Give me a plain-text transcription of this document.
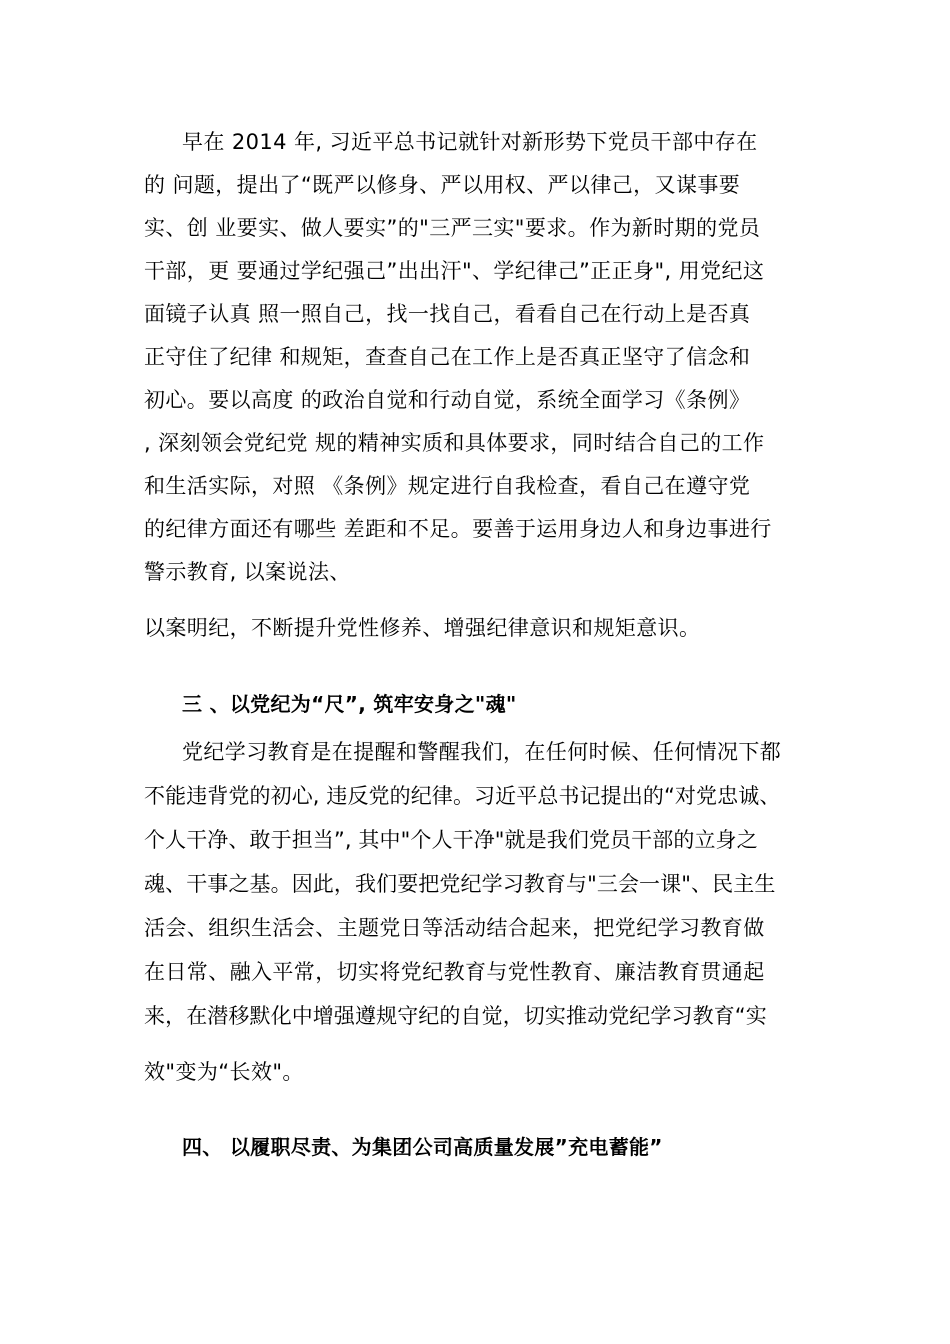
早在 2014 年, 习近平总书记就针对新形势下党员干部中存在
的 问题，提出了“既严以修身、严以用权、严以律己，又谋事要
实、创 业要实、做人要实”的"三严三实"要求。作为新时期的党员
干部，更 要通过学纪强己”出出汗"、学纪律己”正正身", 用党纪这
面镜子认真 照一照自己，找一找自己，看看自己在行动上是否真
正守住了纪律 和规矩，查查自己在工作上是否真正坚守了信念和
初心。要以高度 的政治自觉和行动自觉，系统全面学习《条例》
, 深刻领会党纪党 规的精神实质和具体要求，同时结合自己的工作
和生活实际，对照 《条例》规定进行自我检查，看自己在遵守党
的纪律方面还有哪些 差距和不足。要善于运用身边人和身边事进行
警示教育, 以案说法、
以案明纪，不断提升党性修养、增强纪律意识和规矩意识。
三 、以党纪为“尺”, 筑牢安身之"魂"
党纪学习教育是在提醒和警醒我们，在任何时候、任何情况下都
不能违背党的初心, 违反党的纪律。习近平总书记提出的“对党忠诚、
个人干净、敢于担当”, 其中"个人干净"就是我们党员干部的立身之
魂、干事之基。因此，我们要把党纪学习教育与"三会一课"、民主生
活会、组织生活会、主题党日等活动结合起来，把党纪学习教育做
在日常、融入平常，切实将党纪教育与党性教育、廉洁教育贯通起
来，在潜移默化中增强遵规守纪的自觉，切实推动党纪学习教育“实
效"变为“长效"。
四、 以履职尽责、为集团公司高质量发展”充电蓄能”
